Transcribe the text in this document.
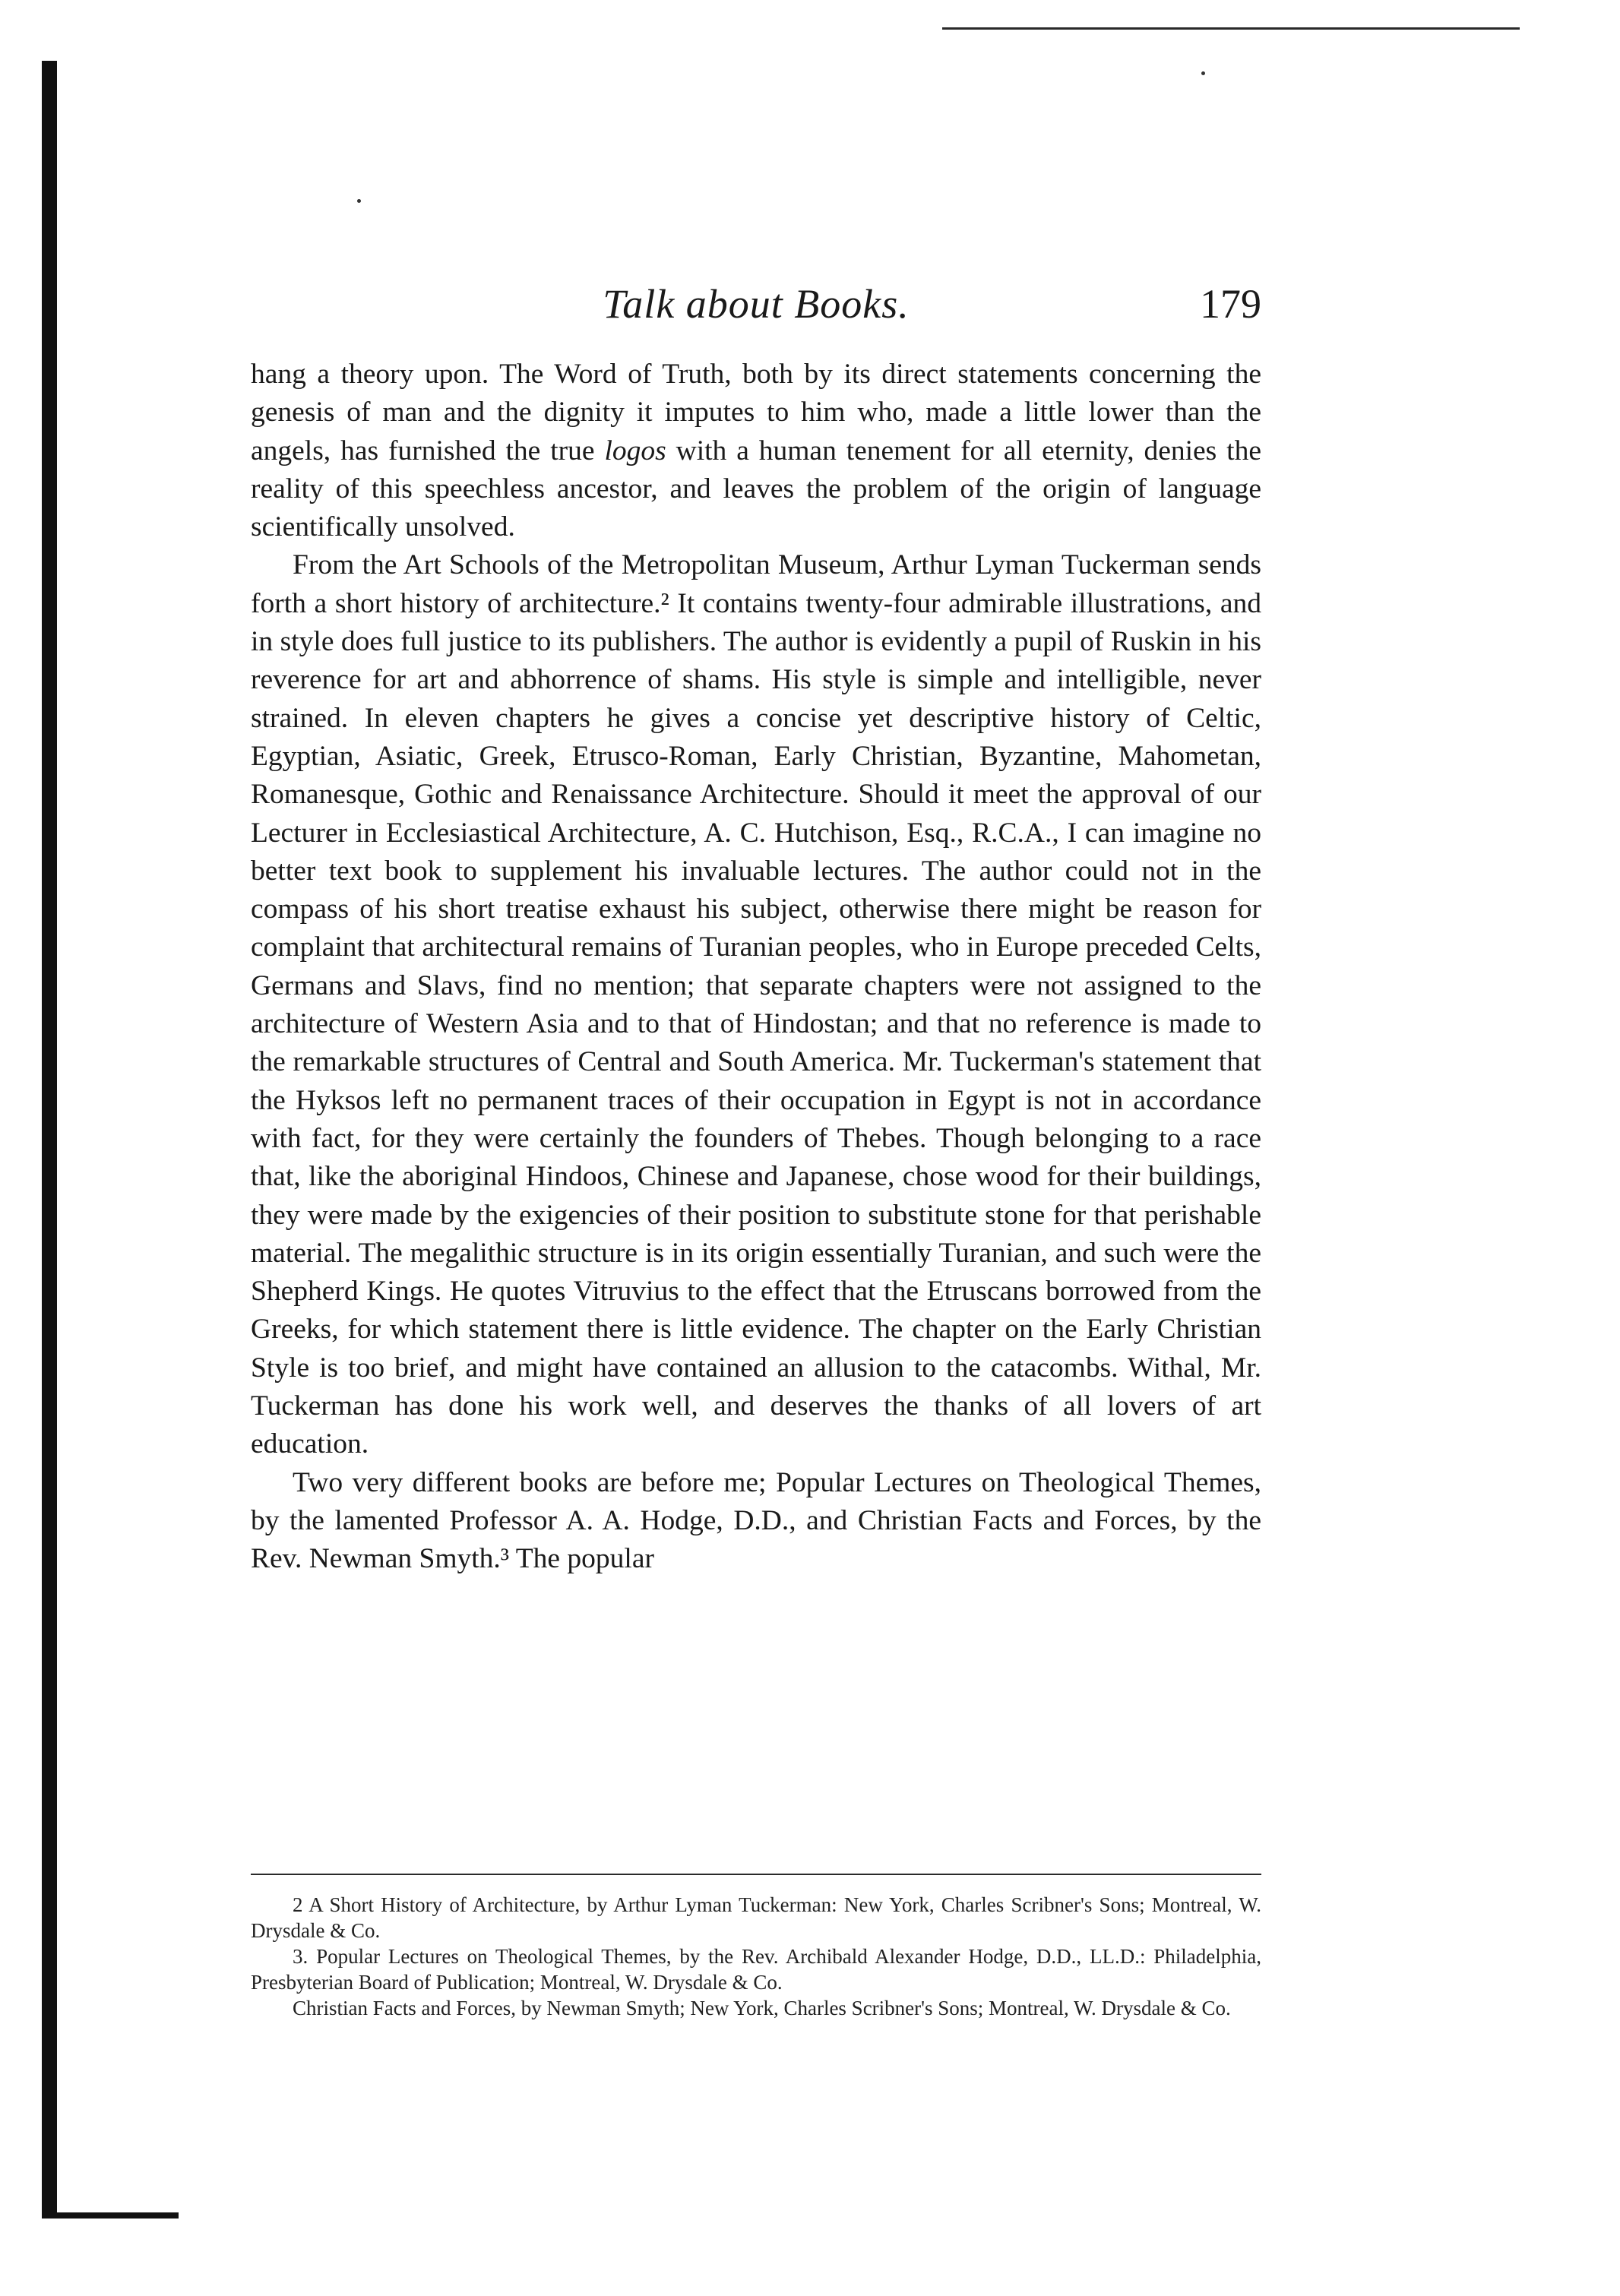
Talk about Books.	179

hang a theory upon. The Word of Truth, both by its direct statements concerning the genesis of man and the dignity it imputes to him who, made a little lower than the angels, has furnished the true logos with a human tenement for all eternity, denies the reality of this speechless ancestor, and leaves the problem of the origin of language scientifically unsolved.

From the Art Schools of the Metropolitan Museum, Arthur Lyman Tuckerman sends forth a short history of architecture.² It contains twenty-four admirable illustrations, and in style does full justice to its publishers. The author is evidently a pupil of Ruskin in his reverence for art and abhorrence of shams. His style is simple and intelligible, never strained. In eleven chapters he gives a concise yet descriptive history of Celtic, Egyptian, Asiatic, Greek, Etrusco-Roman, Early Christian, Byzantine, Mahometan, Romanesque, Gothic and Renaissance Architecture. Should it meet the approval of our Lecturer in Ecclesiastical Architecture, A. C. Hutchison, Esq., R.C.A., I can imagine no better text book to supplement his invaluable lectures. The author could not in the compass of his short treatise exhaust his subject, otherwise there might be reason for complaint that architectural remains of Turanian peoples, who in Europe preceded Celts, Germans and Slavs, find no mention; that separate chapters were not assigned to the architecture of Western Asia and to that of Hindostan; and that no reference is made to the remarkable structures of Central and South America. Mr. Tuckerman's statement that the Hyksos left no permanent traces of their occupation in Egypt is not in accordance with fact, for they were certainly the founders of Thebes. Though belonging to a race that, like the aboriginal Hindoos, Chinese and Japanese, chose wood for their buildings, they were made by the exigencies of their position to substitute stone for that perishable material. The megalithic structure is in its origin essentially Turanian, and such were the Shepherd Kings. He quotes Vitruvius to the effect that the Etruscans borrowed from the Greeks, for which statement there is little evidence. The chapter on the Early Christian Style is too brief, and might have contained an allusion to the catacombs. Withal, Mr. Tuckerman has done his work well, and deserves the thanks of all lovers of art education.

Two very different books are before me; Popular Lectures on Theological Themes, by the lamented Professor A. A. Hodge, D.D., and Christian Facts and Forces, by the Rev. Newman Smyth.³ The popular

2 A Short History of Architecture, by Arthur Lyman Tuckerman: New York, Charles Scribner's Sons; Montreal, W. Drysdale & Co.

3. Popular Lectures on Theological Themes, by the Rev. Archibald Alexander Hodge, D.D., LL.D.: Philadelphia, Presbyterian Board of Publication; Montreal, W. Drysdale & Co.

Christian Facts and Forces, by Newman Smyth; New York, Charles Scribner's Sons; Montreal, W. Drysdale & Co.
